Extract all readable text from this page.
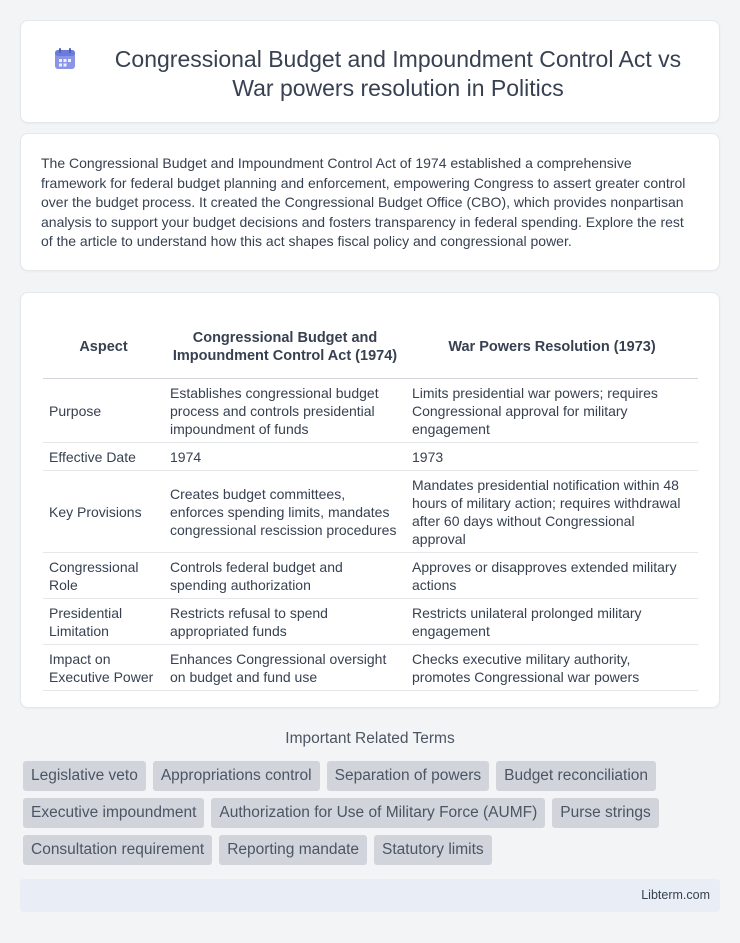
Congressional Budget and Impoundment Control Act vs
War powers resolution in Politics

The Congressional Budget and Impoundment Control Act of 1974 established a comprehensive framework for federal budget planning and enforcement, empowering Congress to assert greater control over the budget process. It created the Congressional Budget Office (CBO), which provides nonpartisan analysis to support your budget decisions and fosters transparency in federal spending. Explore the rest of the article to understand how this act shapes fiscal policy and congressional power.

Aspect	Congressional Budget and Impoundment Control Act (1974)	War Powers Resolution (1973)
Purpose	Establishes congressional budget process and controls presidential impoundment of funds	Limits presidential war powers; requires Congressional approval for military engagement
Effective Date	1974	1973
Key Provisions	Creates budget committees, enforces spending limits, mandates congressional rescission procedures	Mandates presidential notification within 48 hours of military action; requires withdrawal after 60 days without Congressional approval
Congressional Role	Controls federal budget and spending authorization	Approves or disapproves extended military actions
Presidential Limitation	Restricts refusal to spend appropriated funds	Restricts unilateral prolonged military engagement
Impact on Executive Power	Enhances Congressional oversight on budget and fund use	Checks executive military authority, promotes Congressional war powers
Important Related Terms
Legislative veto	Appropriations control	Separation of powers	Budget reconciliation
Executive impoundment	Authorization for Use of Military Force (AUMF)	Purse strings
Consultation requirement	Reporting mandate	Statutory limits
Libterm.com
